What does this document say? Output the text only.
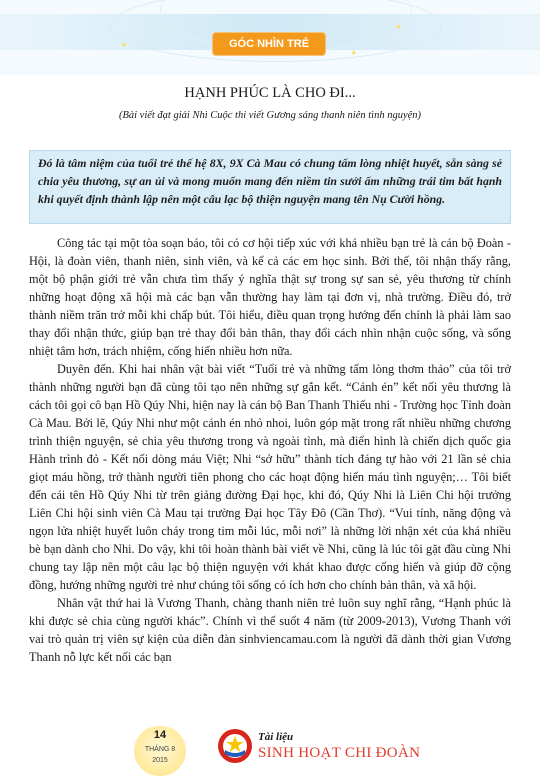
✦
✦
✦
GÓC NHÌN TRẺ
HẠNH PHÚC LÀ CHO ĐI...
(Bài viết đạt giải Nhì Cuộc thi viết Gương sáng thanh niên tình nguyện)
Đó là tâm niệm của tuổi trẻ thế hệ 8X, 9X Cà Mau có chung tấm lòng nhiệt huyết, sẵn sàng sẻ chia yêu thương, sự an ủi và mong muốn mang đến niềm tin sưởi ấm những trái tim bất hạnh khi quyết định thành lập nên một câu lạc bộ thiện nguyện mang tên Nụ Cười hồng.

Công tác tại một tòa soạn báo, tôi có cơ hội tiếp xúc với khá nhiều bạn trẻ là cán bộ Đoàn - Hội, là đoàn viên, thanh niên, sinh viên, và kể cả các em học sinh. Bởi thế, tôi nhận thấy rằng, một bộ phận giới trẻ vẫn chưa tìm thấy ý nghĩa thật sự trong sự san sẻ, yêu thương từ chính những hoạt động xã hội mà các bạn vẫn thường hay làm tại đơn vị, nhà trường. Điều đó, trở thành niềm trăn trở mỗi khi chấp bút. Tôi hiểu, điều quan trọng hướng đến chính là phải làm sao thay đổi nhận thức, giúp bạn trẻ thay đổi bản thân, thay đổi cách nhìn nhận cuộc sống, và sống nhiệt tâm hơn, trách nhiệm, cống hiến nhiều hơn nữa.

Duyên đến. Khi hai nhân vật bài viết “Tuổi trẻ và những tấm lòng thơm thảo” của tôi trở thành những người bạn đã cùng tôi tạo nên những sự gắn kết. “Cánh én” kết nối yêu thương là cách tôi gọi cô bạn Hồ Qúy Nhi, hiện nay là cán bộ Ban Thanh Thiếu nhi - Trường học Tỉnh đoàn Cà Mau. Bởi lẽ, Qúy Nhi như một cánh én nhỏ nhoi, luôn góp mặt trong rất nhiều những chương trình thiện nguyện, sẻ chia yêu thương trong và ngoài tỉnh, mà điển hình là chiến dịch quốc gia Hành trình đỏ - Kết nối dòng máu Việt; Nhi “sở hữu” thành tích đáng tự hào với 21 lần sẻ chia giọt máu hồng, trở thành người tiên phong cho các hoạt động hiến máu tình nguyện;… Tôi biết đến cái tên Hồ Qúy Nhi từ trên giảng đường Đại học, khi đó, Qúy Nhi là Liên Chi hội trưởng Liên Chi hội sinh viên Cà Mau tại trường Đại học Tây Đô (Cần Thơ). “Vui tính, năng động và ngọn lửa nhiệt huyết luôn cháy trong tim mỗi lúc, mỗi nơi” là những lời nhận xét của khá nhiều bè bạn dành cho Nhi. Do vậy, khi tôi hoàn thành bài viết về Nhi, cũng là lúc tôi gặt đầu cùng Nhi chung tay lập nên một câu lạc bộ thiện nguyện với khát khao được cống hiến và giúp đỡ cộng đồng, hướng những người trẻ như chúng tôi sống có ích hơn cho chính bản thân, và xã hội.

Nhân vật thứ hai là Vương Thanh, chàng thanh niên trẻ luôn suy nghĩ rằng, “Hạnh phúc là khi được sẻ chia cùng người khác”. Chính vì thế suốt 4 năm (từ 2009-2013), Vương Thanh với vai trò quản trị viên sự kiện của diễn đàn sinhviencamau.com là người đã dành thời gian Vương Thanh nỗ lực kết nối các bạn

14
THÁNG 8
2015
Tài liệu
SINH HOẠT CHI ĐOÀN
